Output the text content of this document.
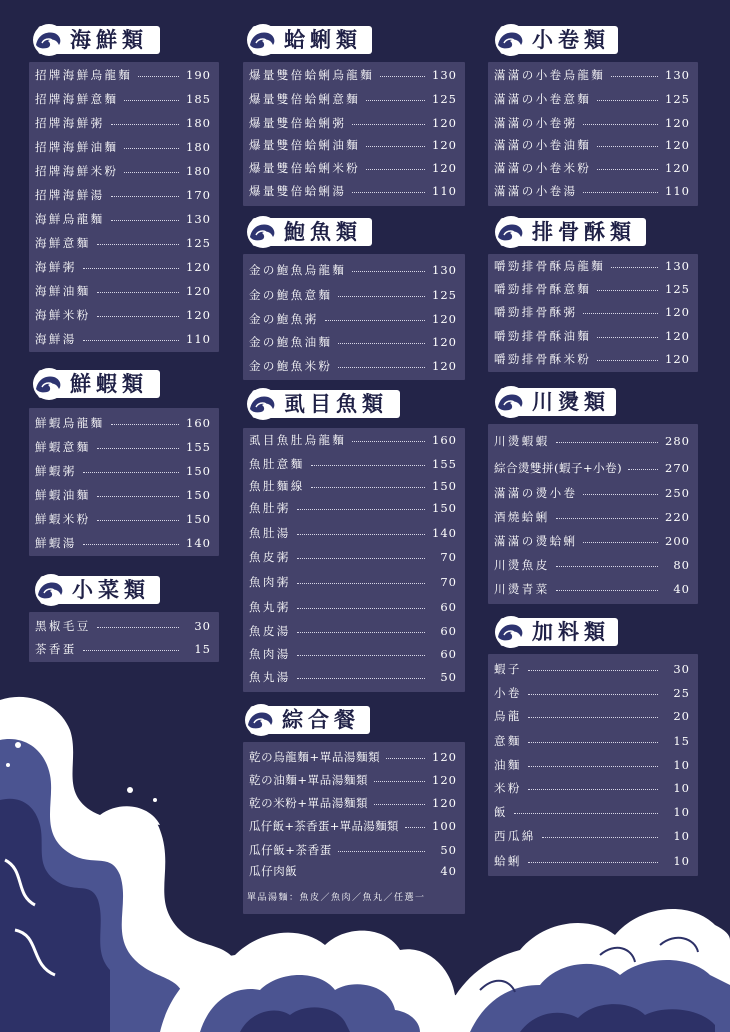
海鮮類
招牌海鮮烏龍麵	190
招牌海鮮意麵	185
招牌海鮮粥	180
招牌海鮮油麵	180
招牌海鮮米粉	180
招牌海鮮湯	170
海鮮烏龍麵	130
海鮮意麵	125
海鮮粥	120
海鮮油麵	120
海鮮米粉	120
海鮮湯	110
鮮蝦類
鮮蝦烏龍麵	160
鮮蝦意麵	155
鮮蝦粥	150
鮮蝦油麵	150
鮮蝦米粉	150
鮮蝦湯	140
小菜類
黑椒毛豆	30
茶香蛋	15
蛤蜊類
爆量雙倍蛤蜊烏龍麵	130
爆量雙倍蛤蜊意麵	125
爆量雙倍蛤蜊粥	120
爆量雙倍蛤蜊油麵	120
爆量雙倍蛤蜊米粉	120
爆量雙倍蛤蜊湯	110
鮑魚類
金の鮑魚烏龍麵	130
金の鮑魚意麵	125
金の鮑魚粥	120
金の鮑魚油麵	120
金の鮑魚米粉	120
虱目魚類
虱目魚肚烏龍麵	160
魚肚意麵	155
魚肚麵線	150
魚肚粥	150
魚肚湯	140
魚皮粥	70
魚肉粥	70
魚丸粥	60
魚皮湯	60
魚肉湯	60
魚丸湯	50
綜合餐
乾の烏龍麵+單品湯麵類	120
乾の油麵+單品湯麵類	120
乾の米粉+單品湯麵類	120
瓜仔飯+茶香蛋+單品湯麵類	100
瓜仔飯+茶香蛋	50
瓜仔肉飯	40
單品湯麵：魚皮／魚肉／魚丸／任選一
小卷類
滿滿の小卷烏龍麵	130
滿滿の小卷意麵	125
滿滿の小卷粥	120
滿滿の小卷油麵	120
滿滿の小卷米粉	120
滿滿の小卷湯	110
排骨酥類
嚼勁排骨酥烏龍麵	130
嚼勁排骨酥意麵	125
嚼勁排骨酥粥	120
嚼勁排骨酥油麵	120
嚼勁排骨酥米粉	120
川燙類
川燙蝦蝦	280
綜合燙雙拼(蝦子+小卷)	270
滿滿の燙小卷	250
酒燒蛤蜊	220
滿滿の燙蛤蜊	200
川燙魚皮	80
川燙青菜	40
加料類
蝦子	30
小卷	25
烏龍	20
意麵	15
油麵	10
米粉	10
飯	10
西瓜綿	10
蛤蜊	10
